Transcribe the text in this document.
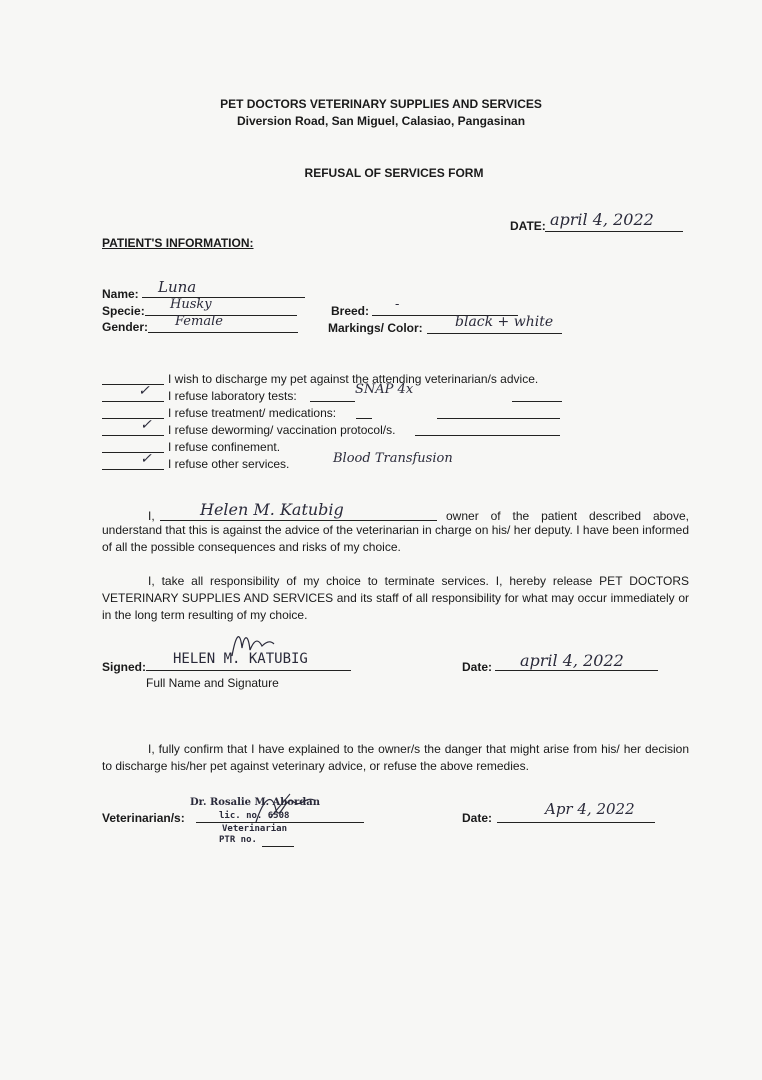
PET DOCTORS VETERINARY SUPPLIES AND SERVICES
Diversion Road, San Miguel, Calasiao, Pangasinan
REFUSAL OF SERVICES FORM
DATE: april 4, 2022
PATIENT'S INFORMATION:
Name: Luna
Specie: Husky
Gender: Female
Breed: -
Markings/ Color: black + white
I wish to discharge my pet against the attending veterinarian/s advice.
✓ I refuse laboratory tests:	SNAP 4x
I refuse treatment/ medications:
✓ I refuse deworming/ vaccination protocol/s.
I refuse confinement.
✓ I refuse other services.	Blood Transfusion
I,	Helen M. Katubig	owner of the patient described above,
understand that this is against the advice of the veterinarian in charge on his/ her deputy. I have been informed of all the possible consequences and risks of my choice.
I, take all responsibility of my choice to terminate services. I, hereby release PET DOCTORS VETERINARY SUPPLIES AND SERVICES and its staff of all responsibility for what may occur immediately or in the long term resulting of my choice.
Signed: HELEN M. KATUBIG
Full Name and Signature
Date: april 4, 2022
I, fully confirm that I have explained to the owner/s the danger that might arise from his/ her decision to discharge his/her pet against veterinary advice, or refuse the above remedies.
Veterinarian/s:
Dr. Rosalie M. Abordan
lic. no. 6508
Veterinarian
PTR no.
Date:	Apr 4, 2022
